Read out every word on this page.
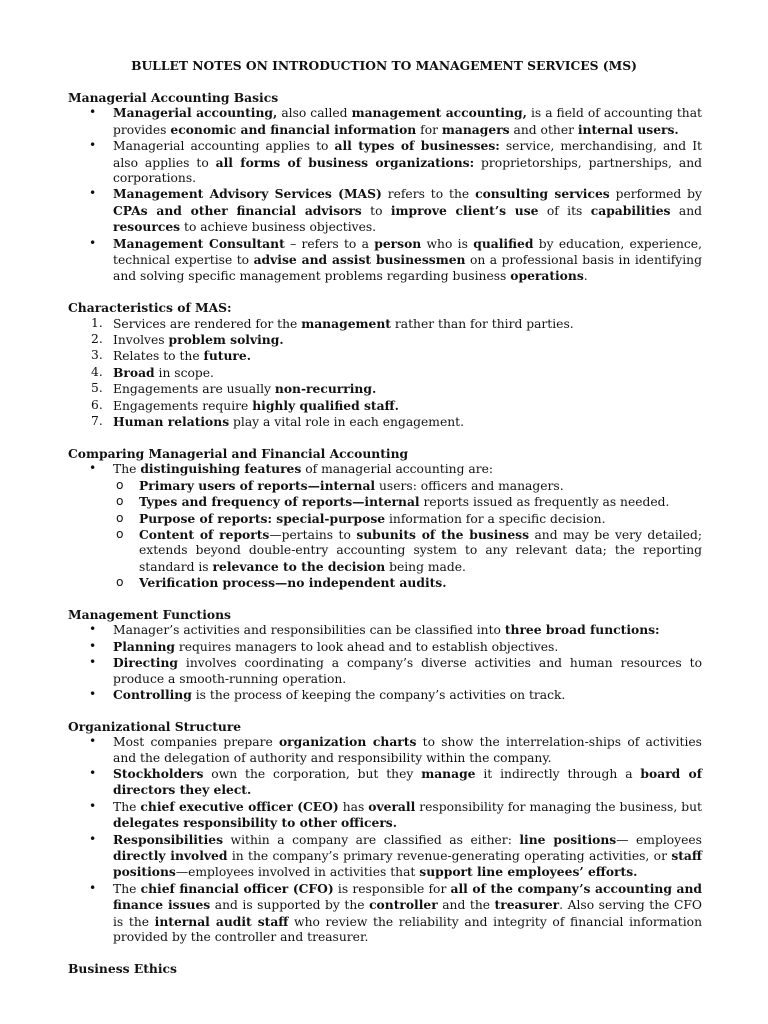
BULLET NOTES ON INTRODUCTION TO MANAGEMENT SERVICES (MS)

Managerial Accounting Basics

• Managerial accounting, also called management accounting, is a field of accounting that provides economic and financial information for managers and other internal users.
• Managerial accounting applies to all types of businesses: service, merchandising, and It also applies to all forms of business organizations: proprietorships, partnerships, and corporations.
• Management Advisory Services (MAS) refers to the consulting services performed by CPAs and other financial advisors to improve client’s use of its capabilities and resources to achieve business objectives.
• Management Consultant – refers to a person who is qualified by education, experience, technical expertise to advise and assist businessmen on a professional basis in identifying and solving specific management problems regarding business operations.

Characteristics of MAS:

1. Services are rendered for the management rather than for third parties.
2. Involves problem solving.
3. Relates to the future.
4. Broad in scope.
5. Engagements are usually non-recurring.
6. Engagements require highly qualified staff.
7. Human relations play a vital role in each engagement.

Comparing Managerial and Financial Accounting

• The distinguishing features of managerial accounting are:
o Primary users of reports—internal users: officers and managers.
o Types and frequency of reports—internal reports issued as frequently as needed.
o Purpose of reports: special-purpose information for a specific decision.
o Content of reports—pertains to subunits of the business and may be very detailed; extends beyond double-entry accounting system to any relevant data; the reporting standard is relevance to the decision being made.
o Verification process—no independent audits.

Management Functions

• Manager’s activities and responsibilities can be classified into three broad functions:
• Planning requires managers to look ahead and to establish objectives.
• Directing involves coordinating a company’s diverse activities and human resources to produce a smooth-running operation.
• Controlling is the process of keeping the company’s activities on track.

Organizational Structure

• Most companies prepare organization charts to show the interrelation-ships of activities and the delegation of authority and responsibility within the company.
• Stockholders own the corporation, but they manage it indirectly through a board of directors they elect.
• The chief executive officer (CEO) has overall responsibility for managing the business, but delegates responsibility to other officers.
• Responsibilities within a company are classified as either: line positions— employees directly involved in the company’s primary revenue-generating operating activities, or staff positions—employees involved in activities that support line employees’ efforts.
• The chief financial officer (CFO) is responsible for all of the company’s accounting and finance issues and is supported by the controller and the treasurer. Also serving the CFO is the internal audit staff who review the reliability and integrity of financial information provided by the controller and treasurer.

Business Ethics
